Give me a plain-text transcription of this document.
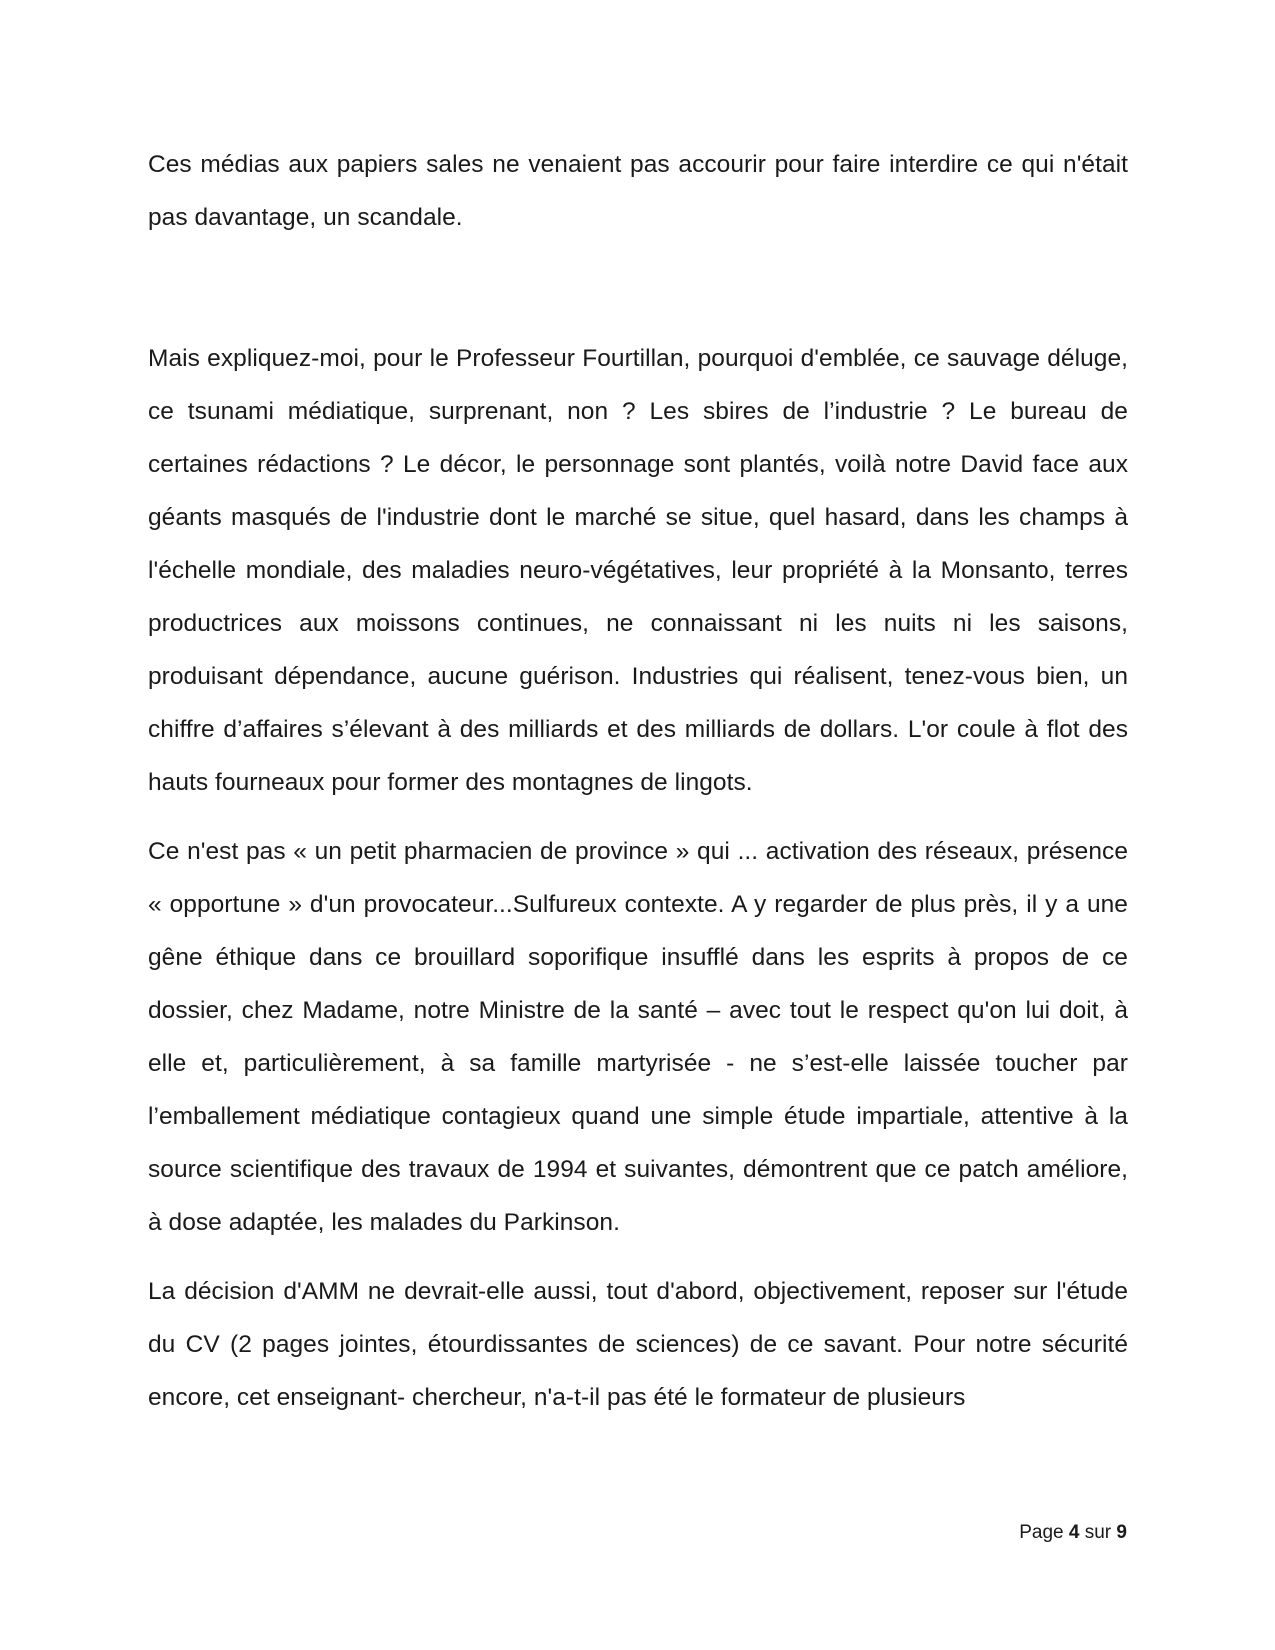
Ces médias aux papiers sales ne venaient pas accourir pour faire interdire ce qui n'était pas davantage, un scandale.

Mais expliquez-moi, pour le Professeur Fourtillan, pourquoi d'emblée, ce sauvage déluge, ce tsunami médiatique, surprenant, non ? Les sbires de l’industrie ? Le bureau de certaines rédactions ? Le décor, le personnage sont plantés, voilà notre David face aux géants masqués de l'industrie dont le marché se situe, quel hasard, dans les champs à l'échelle mondiale, des maladies neuro-végétatives, leur propriété à la Monsanto, terres productrices aux moissons continues, ne connaissant ni les nuits ni les saisons, produisant dépendance, aucune guérison. Industries qui réalisent, tenez-vous bien, un chiffre d’affaires s’élevant à des milliards et des milliards de dollars. L'or coule à flot des hauts fourneaux pour former des montagnes de lingots.

Ce n'est pas « un petit pharmacien de province » qui ... activation des réseaux, présence « opportune » d'un provocateur...Sulfureux contexte. A y regarder de plus près, il y a une gêne éthique dans ce brouillard soporifique insufflé dans les esprits à propos de ce dossier, chez Madame, notre Ministre de la santé – avec tout le respect qu'on lui doit, à elle et, particulièrement, à sa famille martyrisée - ne s’est-elle laissée toucher par l’emballement médiatique contagieux quand une simple étude impartiale, attentive à la source scientifique des travaux de 1994 et suivantes, démontrent que ce patch améliore, à dose adaptée, les malades du Parkinson.

La décision d'AMM ne devrait-elle aussi, tout d'abord, objectivement, reposer sur l'étude du CV (2 pages jointes, étourdissantes de sciences) de ce savant. Pour notre sécurité encore, cet enseignant- chercheur, n'a-t-il pas été le formateur de plusieurs

Page 4 sur 9
